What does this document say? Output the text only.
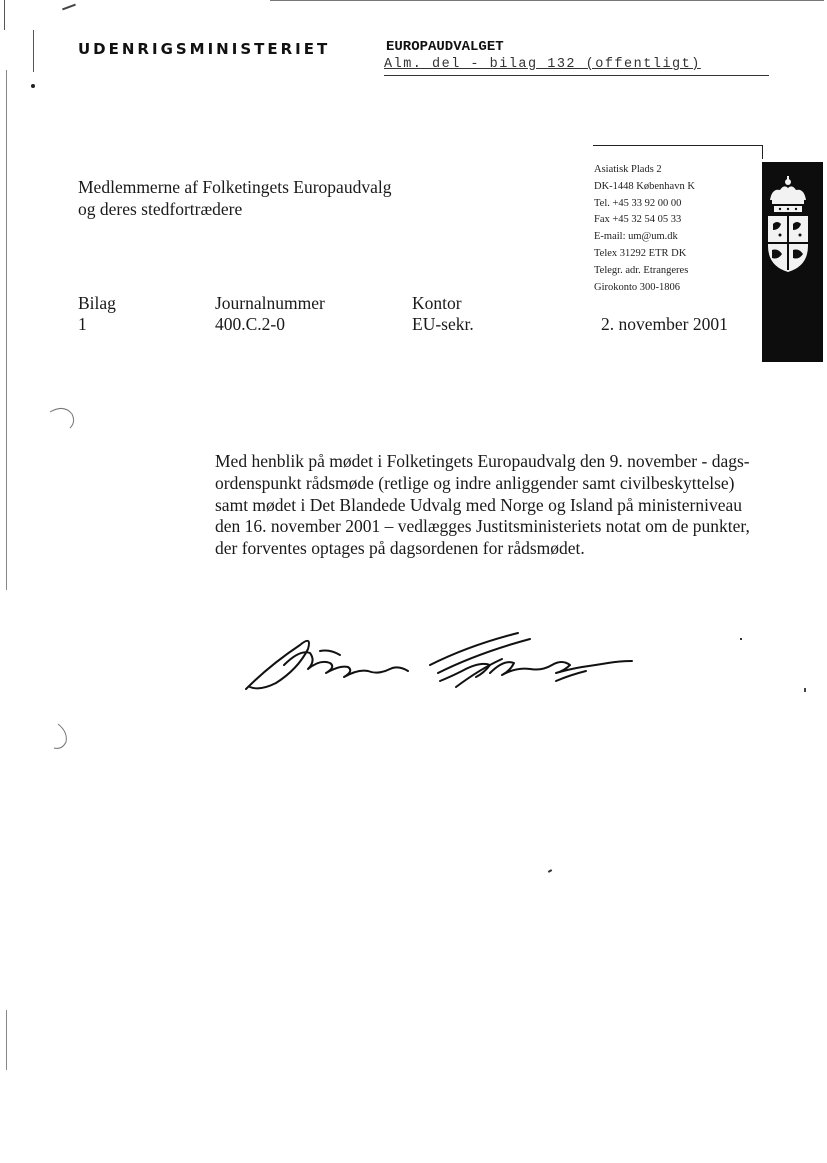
UDENRIGSMINISTERIET	EUROPAUDVALGET
Alm. del - bilag 132 (offentligt)
Asiatisk Plads 2
DK-1448 København K
Tel. +45 33 92 00 00
Fax +45 32 54 05 33
E-mail: um@um.dk
Telex 31292 ETR DK
Telegr. adr. Etrangeres
Girokonto 300-1806
Medlemmerne af Folketingets Europaudvalg
og deres stedfortrædere
Bilag
1
Journalnummer
400.C.2-0
Kontor
EU-sekr.	2. november 2001
Med henblik på mødet i Folketingets Europaudvalg den 9. november - dags-
ordenspunkt rådsmøde (retlige og indre anliggender samt civilbeskyttelse)
samt mødet i Det Blandede Udvalg med Norge og Island på ministerniveau
den 16. november 2001 – vedlægges Justitsministeriets notat om de punkter,
der forventes optages på dagsordenen for rådsmødet.
